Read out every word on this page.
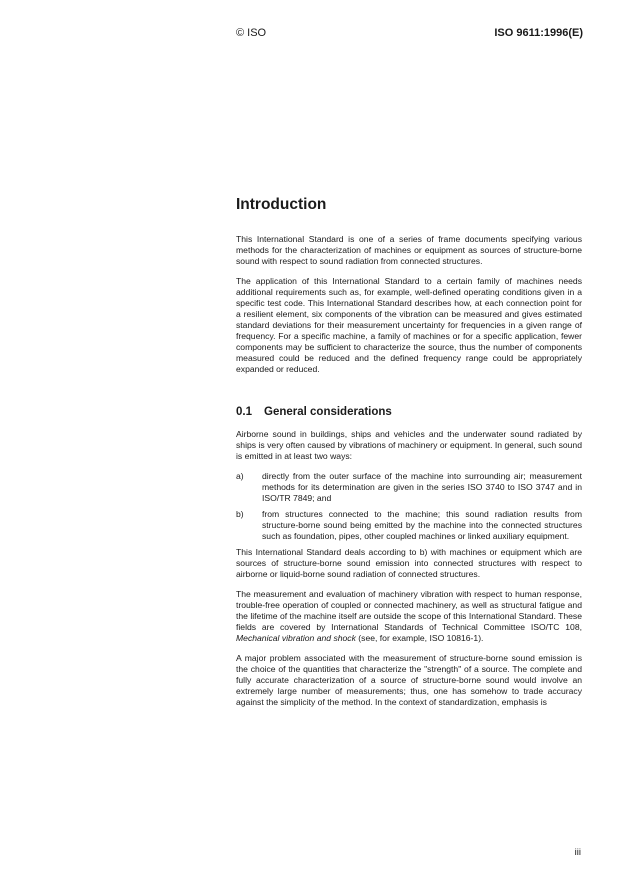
© ISO	ISO 9611:1996(E)
Introduction

This International Standard is one of a series of frame documents specifying various methods for the characterization of machines or equipment as sources of structure-borne sound with respect to sound radiation from connected structures.

The application of this International Standard to a certain family of machines needs additional requirements such as, for example, well-defined operating conditions given in a specific test code. This International Standard describes how, at each connection point for a resilient element, six components of the vibration can be measured and gives estimated standard deviations for their measurement uncertainty for frequencies in a given range of frequency. For a specific machine, a family of machines or for a specific application, fewer components may be sufficient to characterize the source, thus the number of components measured could be reduced and the defined frequency range could be appropriately expanded or reduced.

0.1 General considerations

Airborne sound in buildings, ships and vehicles and the underwater sound radiated by ships is very often caused by vibrations of machinery or equipment. In general, such sound is emitted in at least two ways:

a)	directly from the outer surface of the machine into surrounding air; measurement methods for its determination are given in the series ISO 3740 to ISO 3747 and in ISO/TR 7849; and
b)	from structures connected to the machine; this sound radiation results from structure-borne sound being emitted by the machine into the connected structures such as foundation, pipes, other coupled machines or linked auxiliary equipment.

This International Standard deals according to b) with machines or equipment which are sources of structure-borne sound emission into connected structures with respect to airborne or liquid-borne sound radiation of connected structures.

The measurement and evaluation of machinery vibration with respect to human response, trouble-free operation of coupled or connected machinery, as well as structural fatigue and the lifetime of the machine itself are outside the scope of this International Standard. These fields are covered by International Standards of Technical Committee ISO/TC 108, Mechanical vibration and shock (see, for example, ISO 10816-1).

A major problem associated with the measurement of structure-borne sound emission is the choice of the quantities that characterize the "strength" of a source. The complete and fully accurate characterization of a source of structure-borne sound would involve an extremely large number of measurements; thus, one has somehow to trade accuracy against the simplicity of the method. In the context of standardization, emphasis is

iii
